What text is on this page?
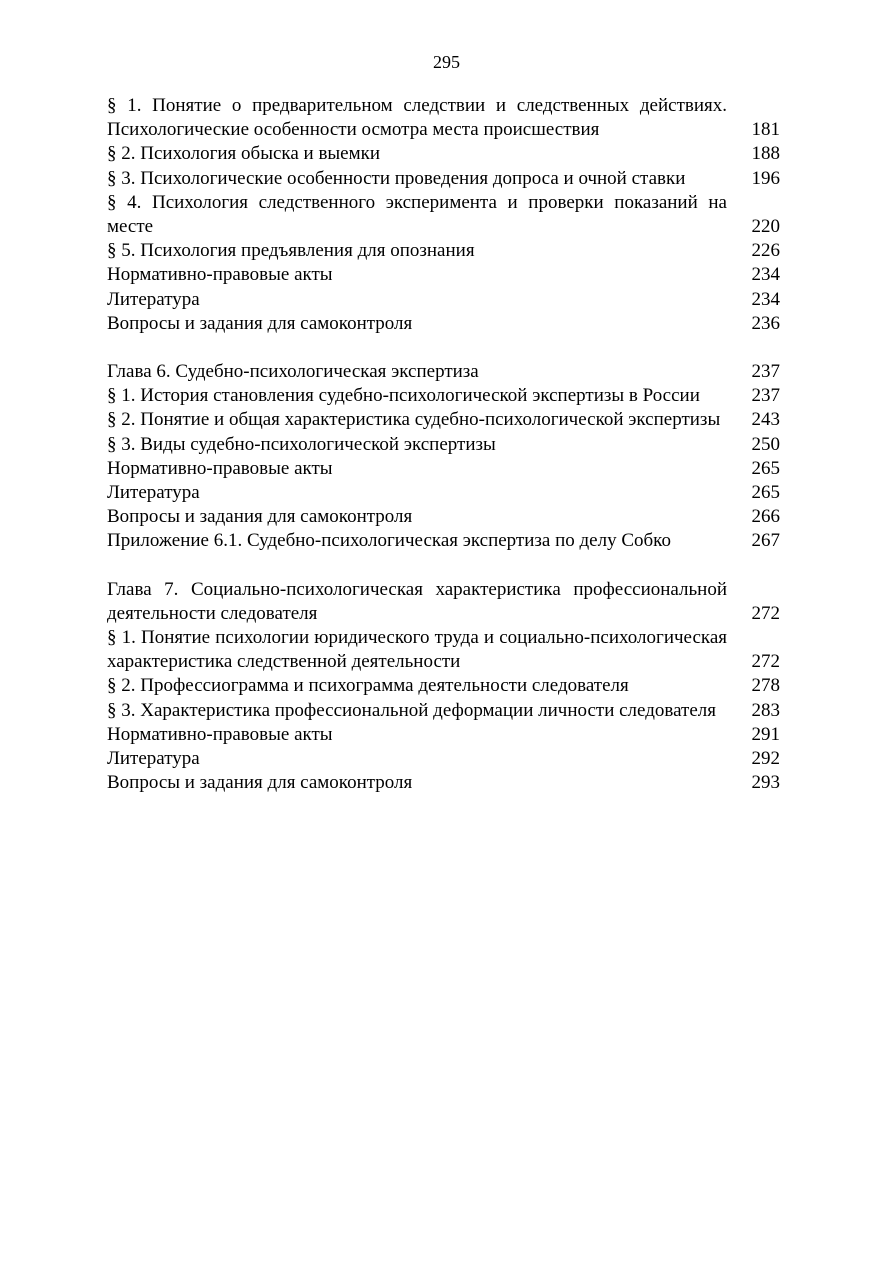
295
§ 1. Понятие о предварительном следствии и следственных действиях. Психологические особенности осмотра места происшествия	181
§ 2. Психология обыска и выемки	188
§ 3. Психологические особенности проведения допроса и очной ставки	196
§ 4. Психология следственного эксперимента и проверки показаний на месте	220
§ 5. Психология предъявления для опознания	226
Нормативно-правовые акты	234
Литература	234
Вопросы и задания для самоконтроля	236
Глава 6. Судебно-психологическая экспертиза	237
§ 1. История становления судебно-психологической экспертизы в России	237
§ 2. Понятие и общая характеристика судебно-психологической экспертизы	243
§ 3. Виды судебно-психологической экспертизы	250
Нормативно-правовые акты	265
Литература	265
Вопросы и задания для самоконтроля	266
Приложение 6.1. Судебно-психологическая экспертиза по делу Собко	267
Глава 7. Социально-психологическая характеристика профессиональной деятельности следователя	272
§ 1. Понятие психологии юридического труда и социально-психологическая характеристика следственной деятельности	272
§ 2. Профессиограмма и психограмма деятельности следователя	278
§ 3. Характеристика профессиональной деформации личности следователя	283
Нормативно-правовые акты	291
Литература	292
Вопросы и задания для самоконтроля	293
